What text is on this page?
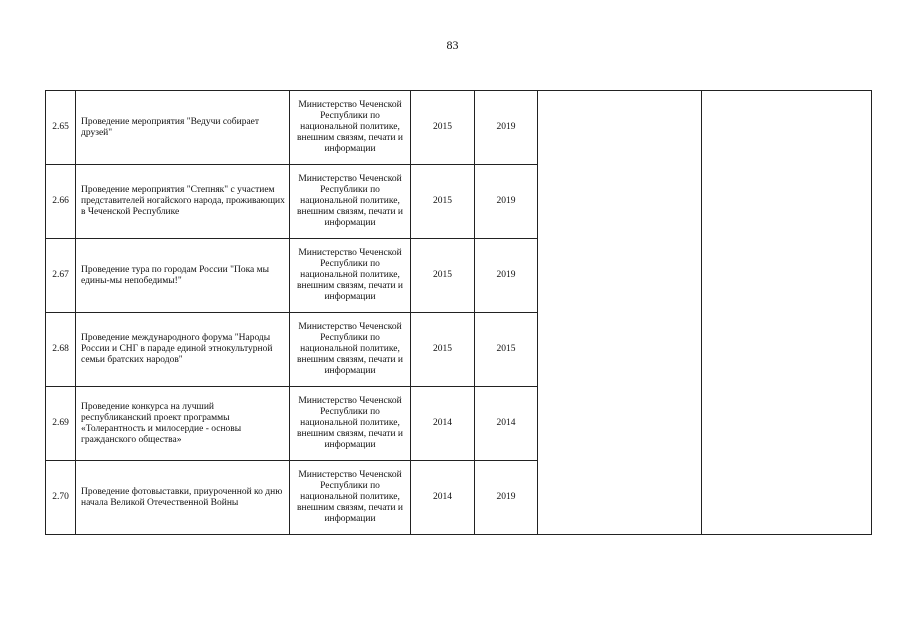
83
2.65	Проведение мероприятия "Ведучи собирает друзей"	Министерство Чеченской Республики по национальной политике, внешним связям, печати и информации	2015	2019		
2.66	Проведение мероприятия "Степняк" с участием представителей ногайского народа, проживающих в Чеченской Республике	Министерство Чеченской Республики по национальной политике, внешним связям, печати и информации	2015	2019		
2.67	Проведение тура по городам России "Пока мы едины-мы непобедимы!"	Министерство Чеченской Республики по национальной политике, внешним связям, печати и информации	2015	2019		
2.68	Проведение международного форума "Народы России и СНГ в параде единой этнокультурной семьи братских народов"	Министерство Чеченской Республики по национальной политике, внешним связям, печати и информации	2015	2015		
2.69	Проведение конкурса на лучший республиканский проект программы «Толерантность и милосердие - основы гражданского общества»	Министерство Чеченской Республики по национальной политике, внешним связям, печати и информации	2014	2014		
2.70	Проведение фотовыставки, приуроченной ко дню начала Великой Отечественной Войны	Министерство Чеченской Республики по национальной политике, внешним связям, печати и информации	2014	2019		
